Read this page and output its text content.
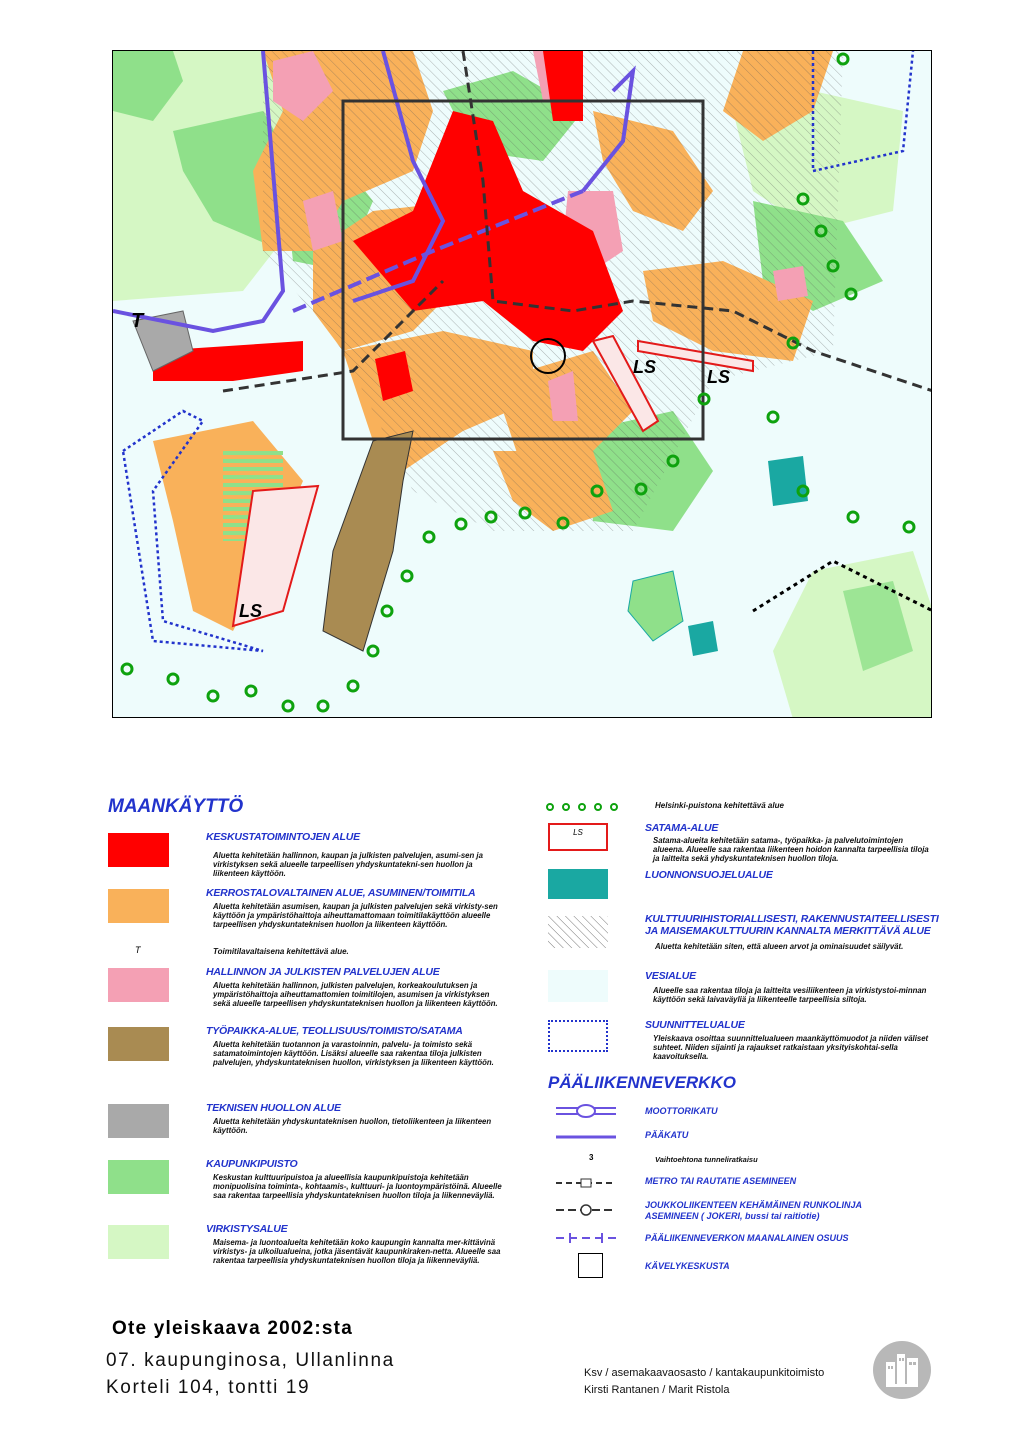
T
LS	LS
LS
MAANKÄYTTÖ
KESKUSTATOIMINTOJEN ALUE
Aluetta kehitetään hallinnon, kaupan ja julkisten palvelujen, asumi-sen ja virkistyksen sekä alueelle tarpeellisen yhdyskuntatekni-sen huollon ja liikenteen käyttöön.
KERROSTALOVALTAINEN ALUE, ASUMINEN/TOIMITILA
Aluetta kehitetään asumisen, kaupan ja julkisten palvelujen sekä virkisty-sen käyttöön ja ympäristöhaittoja aiheuttamattomaan toimitilakäyttöön alueelle tarpeellisen yhdyskuntateknisen huollon ja liikenteen käyttöön.
HALLINNON JA JULKISTEN PALVELUJEN ALUE
Aluetta kehitetään hallinnon, julkisten palvelujen, korkeakoulutuksen ja ympäristöhaittoja aiheuttamattomien toimitilojen, asumisen ja virkistyksen sekä alueelle tarpeellisen yhdyskuntateknisen huollon ja liikenteen käyttöön.
TYÖPAIKKA-ALUE, TEOLLISUUS/TOIMISTO/SATAMA
Aluetta kehitetään tuotannon ja varastoinnin, palvelu- ja toimisto sekä satamatoimintojen käyttöön. Lisäksi alueelle saa rakentaa tiloja julkisten palvelujen, yhdyskuntateknisen huollon, virkistyksen ja liikenteen käyttöön.
TEKNISEN HUOLLON ALUE
Aluetta kehitetään yhdyskuntateknisen huollon, tietoliikenteen ja liikenteen käyttöön.
KAUPUNKIPUISTO
Keskustan kulttuuripuistoa ja alueellisia kaupunkipuistoja kehitetään monipuolisina toiminta-, kohtaamis-, kulttuuri- ja luontoympäristöinä. Alueelle saa rakentaa tarpeellisia yhdyskuntateknisen huollon tiloja ja liikenneväyliä.
VIRKISTYSALUE
Maisema- ja luontoalueita kehitetään koko kaupungin kannalta mer-kittävinä virkistys- ja ulkoilualueina, jotka jäsentävät kaupunkiraken-netta. Alueelle saa rakentaa tarpeellisia yhdyskuntateknisen huollon tiloja ja liikenneväyliä.
T	Toimitilavaltaisena kehitettävä alue.
Helsinki-puistona kehitettävä alue
LS	SATAMA-ALUE
Satama-alueita kehitetään satama-, työpaikka- ja palvelutoimintojen alueena. Alueelle saa rakentaa liikenteen hoidon kannalta tarpeellisia tiloja ja laitteita sekä yhdyskuntateknisen huollon tiloja.
LUONNONSUOJELUALUE
KULTTUURIHISTORIALLISESTI, RAKENNUSTAITEELLISESTI JA MAISEMAKULTTUURIN KANNALTA MERKITTÄVÄ ALUE
Aluetta kehitetään siten, että alueen arvot ja ominaisuudet säilyvät.
VESIALUE
Alueelle saa rakentaa tiloja ja laitteita vesiliikenteen ja virkistystoi-minnan käyttöön sekä laivaväyliä ja liikenteelle tarpeellisia siltoja.
SUUNNITTELUALUE
Yleiskaava osoittaa suunnittelualueen maankäyttömuodot ja niiden väliset suhteet. Niiden sijainti ja rajaukset ratkaistaan yksityiskohtai-sella kaavoituksella.
PÄÄLIIKENNEVERKKO
MOOTTORIKATU
PÄÄKATU
3	Vaihtoehtona tunneliratkaisu
METRO TAI RAUTATIE ASEMINEEN
JOUKKOLIIKENTEEN KEHÄMÄINEN RUNKOLINJA ASEMINEEN ( JOKERI, bussi tai raitiotie)
PÄÄLIIKENNEVERKON MAANALAINEN OSUUS
KÄVELYKESKUSTA
Ote yleiskaava 2002:sta
07. kaupunginosa, Ullanlinna
Korteli 104, tontti 19
Ksv / asemakaavaosasto / kantakaupunkitoimisto
Kirsti Rantanen / Marit Ristola
